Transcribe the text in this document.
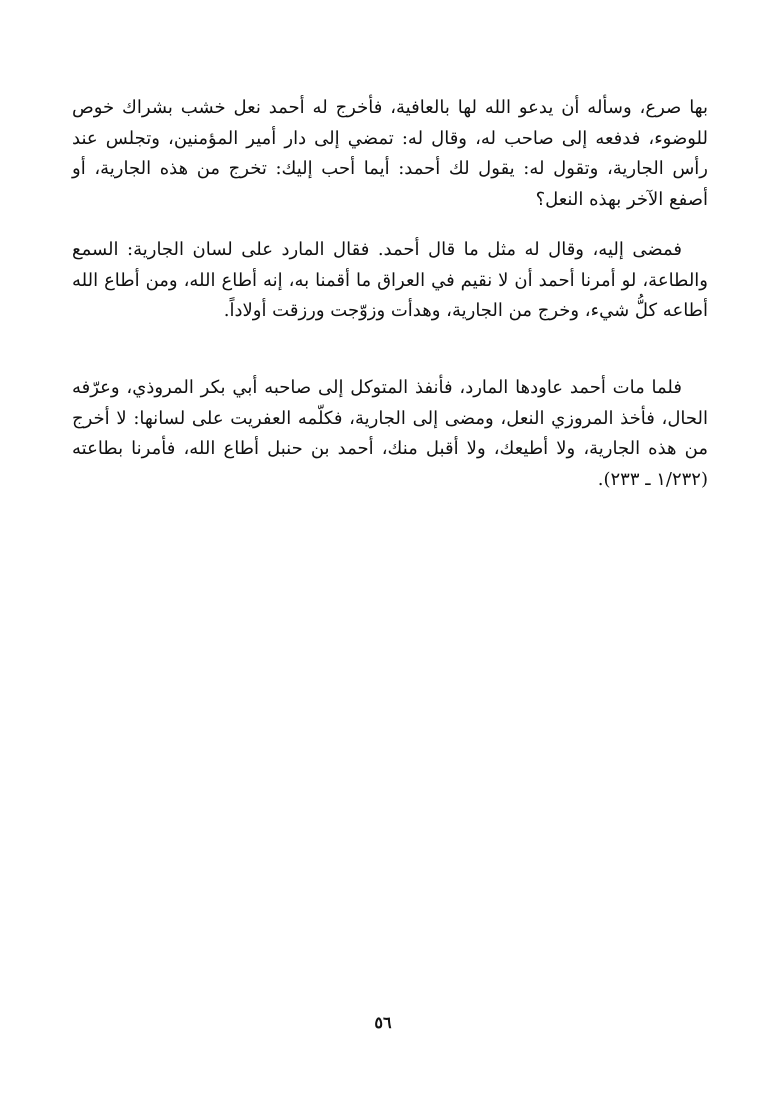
بها صرع، وسأله أن يدعو الله لها بالعافية، فأخرج له أحمد نعل خشب بشراك خوص للوضوء، فدفعه إلى صاحب له، وقال له: تمضي إلى دار أمير المؤمنين، وتجلس عند رأس الجارية، وتقول له: يقول لك أحمد: أيما أحب إليك: تخرج من هذه الجارية، أو أصفع الآخر بهذه النعل؟

فمضى إليه، وقال له مثل ما قال أحمد. فقال المارد على لسان الجارية: السمع والطاعة، لو أمرنا أحمد أن لا نقيم في العراق ما أقمنا به، إنه أطاع الله، ومن أطاع الله أطاعه كلُّ شيء، وخرج من الجارية، وهدأت وزوّجت ورزقت أولاداً.

فلما مات أحمد عاودها المارد، فأنفذ المتوكل إلى صاحبه أبي بكر المروذي، وعرّفه الحال، فأخذ المروزي النعل، ومضى إلى الجارية، فكلّمه العفريت على لسانها: لا أخرج من هذه الجارية، ولا أطيعك، ولا أقبل منك، أحمد بن حنبل أطاع الله، فأمرنا بطاعته (١/٢٣٢ ـ ٢٣٣).

٥٦
